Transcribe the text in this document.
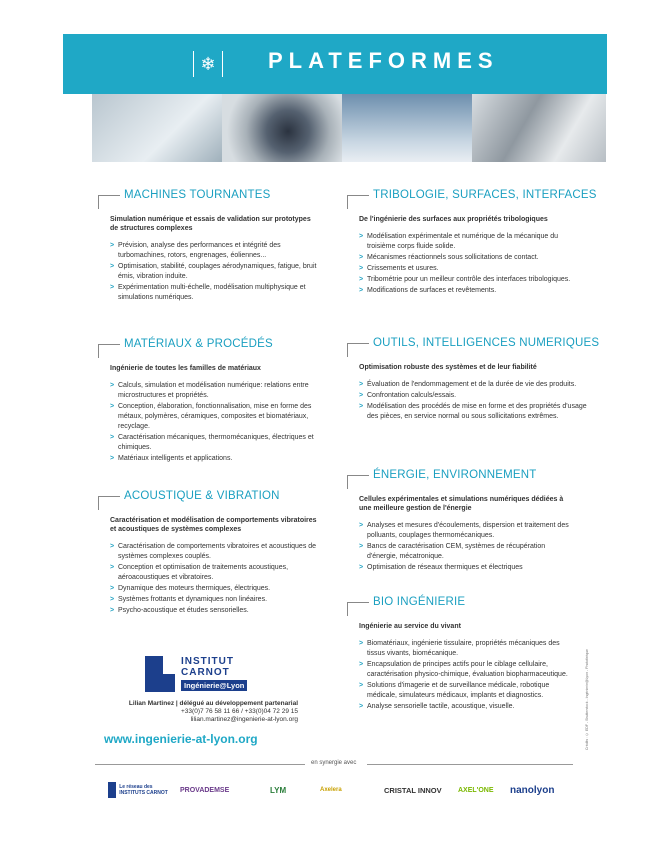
❄	PLATEFORMES
MACHINES TOURNANTES
Simulation numérique et essais de validation sur prototypes de structures complexes
> Prévision, analyse des performances et intégrité des turbomachines, rotors, engrenages, éoliennes...
> Optimisation, stabilité, couplages aérodynamiques, fatigue, bruit émis, vibration induite.
> Expérimentation multi-échelle, modélisation multiphysique et simulations numériques.
TRIBOLOGIE, SURFACES, INTERFACES
De l'ingénierie des surfaces aux propriétés tribologiques
> Modélisation expérimentale et numérique de la mécanique du troisième corps fluide solide.
> Mécanismes réactionnels sous sollicitations de contact.
> Crissements et usures.
> Tribométrie pour un meilleur contrôle des interfaces tribologiques.
> Modifications de surfaces et revêtements.
MATÉRIAUX & PROCÉDÉS
Ingénierie de toutes les familles de matériaux
> Calculs, simulation et modélisation numérique: relations entre microstructures et propriétés.
> Conception, élaboration, fonctionnalisation, mise en forme des métaux, polymères, céramiques, composites et biomatériaux, recyclage.
> Caractérisation mécaniques, thermomécaniques, électriques et chimiques.
> Matériaux intelligents et applications.
OUTILS, INTELLIGENCES NUMERIQUES
Optimisation robuste des systèmes et de leur fiabilité
> Évaluation de l'endommagement et de la durée de vie des produits.
> Confrontation calculs/essais.
> Modélisation des procédés de mise en forme et des propriétés d'usage des pièces, en service normal ou sous sollicitations extrêmes.
ACOUSTIQUE & VIBRATION
Caractérisation et modélisation de comportements vibratoires et acoustiques de systèmes complexes
> Caractérisation de comportements vibratoires et acoustiques de systèmes complexes couplés.
> Conception et optimisation de traitements acoustiques, aéroacoustiques et vibratoires.
> Dynamique des moteurs thermiques, électriques.
> Systèmes frottants et dynamiques non linéaires.
> Psycho-acoustique et études sensorielles.
ÉNERGIE, ENVIRONNEMENT
Cellules expérimentales et simulations numériques dédiées à une meilleure gestion de l'énergie
> Analyses et mesures d'écoulements, dispersion et traitement des polluants, couplages thermomécaniques.
> Bancs de caractérisation CEM, systèmes de récupération d'énergie, mécatronique.
> Optimisation de réseaux thermiques et électriques
BIO INGÉNIERIE
Ingénierie au service du vivant
> Biomatériaux, ingénierie tissulaire, propriétés mécaniques des tissus vivants, biomécanique.
> Encapsulation de principes actifs pour le ciblage cellulaire, caractérisation physico-chimique, évaluation biopharmaceutique.
> Solutions d'imagerie et de surveillance médicale, robotique médicale, simulateurs médicaux, implants et diagnostics.
> Analyse sensorielle tactile, acoustique, visuelle.
INSTITUT
CARNOT
Ingénierie@Lyon
Lilian Martinez | délégué au développement partenarial
+33(0)7 76 58 11 66 / +33(0)04 72 29 15
lilian.martinez@ingenierie-at-lyon.org
www.ingenierie-at-lyon.org
en synergie avec
Le réseau des INSTITUTS CARNOT PROVADEMSE	LYM	Axelera	CRISTAL INNOV AXEL'ONE nanolyon
Crédits : © EDF - Shutterstock - Ingénierie@Lyon - Photothèque
